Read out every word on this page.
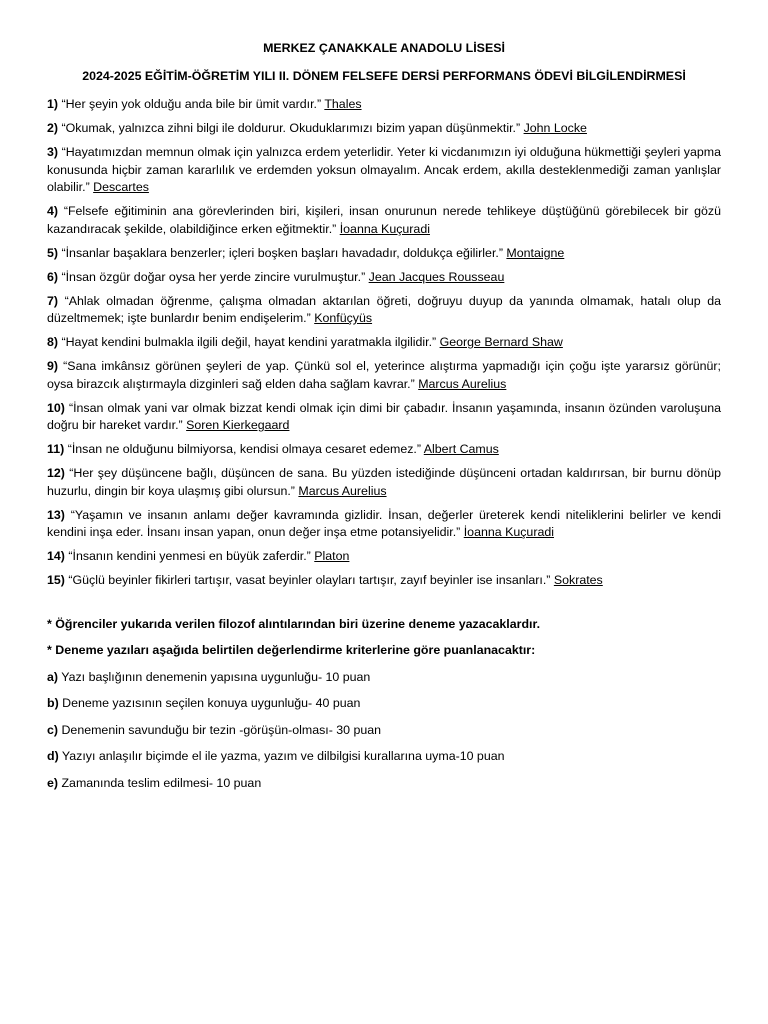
MERKEZ ÇANAKKALE ANADOLU LİSESİ
2024-2025 EĞİTİM-ÖĞRETİM YILI II. DÖNEM FELSEFE DERSİ PERFORMANS ÖDEVİ BİLGİLENDİRMESİ
1) “Her şeyin yok olduğu anda bile bir ümit vardır.” Thales
2) “Okumak, yalnızca zihni bilgi ile doldurur. Okuduklarımızı bizim yapan düşünmektir.” John Locke
3) “Hayatımızdan memnun olmak için yalnızca erdem yeterlidir. Yeter ki vicdanımızın iyi olduğuna hükmettiği şeyleri yapma konusunda hiçbir zaman kararlılık ve erdemden yoksun olmayalım. Ancak erdem, akılla desteklenmediği zaman yanlışlar olabilir.” Descartes
4) “Felsefe eğitiminin ana görevlerinden biri, kişileri, insan onurunun nerede tehlikeye düştüğünü görebilecek bir gözü kazandıracak şekilde, olabildiğince erken eğitmektir.” İoanna Kuçuradi
5) “İnsanlar başaklara benzerler; içleri boşken başları havadadır, doldukça eğilirler.” Montaigne
6) “İnsan özgür doğar oysa her yerde zincire vurulmuştur.” Jean Jacques Rousseau
7) “Ahlak olmadan öğrenme, çalışma olmadan aktarılan öğreti, doğruyu duyup da yanında olmamak, hatalı olup da düzeltmemek; işte bunlardır benim endişelerim.” Konfüçyüs
8) “Hayat kendini bulmakla ilgili değil, hayat kendini yaratmakla ilgilidir.” George Bernard Shaw
9) “Sana imkânsız görünen şeyleri de yap. Çünkü sol el, yeterince alıştırma yapmadığı için çoğu işte yararsız görünür; oysa birazcık alıştırmayla dizginleri sağ elden daha sağlam kavrar.” Marcus Aurelius
10) “İnsan olmak yani var olmak bizzat kendi olmak için dimi bir çabadır. İnsanın yaşamında, insanın özünden varoluşuna doğru bir hareket vardır.” Soren Kierkegaard
11) “İnsan ne olduğunu bilmiyorsa, kendisi olmaya cesaret edemez.” Albert Camus
12) “Her şey düşüncene bağlı, düşüncen de sana. Bu yüzden istediğinde düşünceni ortadan kaldırırsan, bir burnu dönüp huzurlu, dingin bir koya ulaşmış gibi olursun.” Marcus Aurelius
13) “Yaşamın ve insanın anlamı değer kavramında gizlidir. İnsan, değerler üreterek kendi niteliklerini belirler ve kendi kendini inşa eder. İnsanı insan yapan, onun değer inşa etme potansiyelidir.” İoanna Kuçuradi
14) “İnsanın kendini yenmesi en büyük zaferdir.” Platon
15) “Güçlü beyinler fikirleri tartışır, vasat beyinler olayları tartışır, zayıf beyinler ise insanları.” Sokrates
* Öğrenciler yukarıda verilen filozof alıntılarından biri üzerine deneme yazacaklardır.
* Deneme yazıları aşağıda belirtilen değerlendirme kriterlerine göre puanlanacaktır:
a) Yazı başlığının denemenin yapısına uygunluğu- 10 puan
b) Deneme yazısının seçilen konuya uygunluğu- 40 puan
c) Denemenin savunduğu bir tezin -görüşün-olması- 30 puan
d) Yazıyı anlaşılır biçimde el ile yazma, yazım ve dilbilgisi kurallarına uyma-10 puan
e) Zamanında teslim edilmesi- 10 puan
